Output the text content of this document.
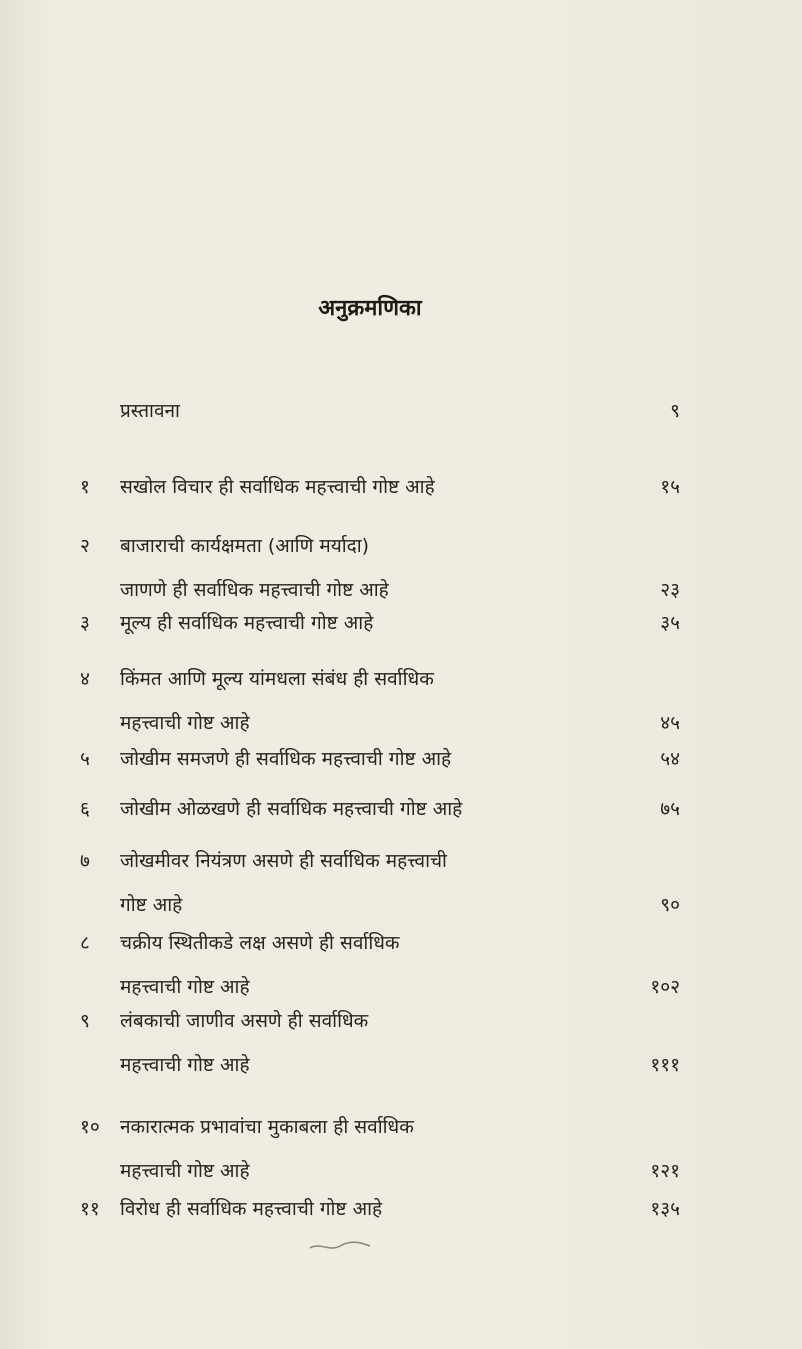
अनुक्रमणिका
प्रस्तावना	९
१ सखोल विचार ही सर्वाधिक महत्त्वाची गोष्ट आहे	१५
२ बाजाराची कार्यक्षमता (आणि मर्यादा)
जाणणे ही सर्वाधिक महत्त्वाची गोष्ट आहे	२३
३ मूल्य ही सर्वाधिक महत्त्वाची गोष्ट आहे	३५
४ किंमत आणि मूल्य यांमधला संबंध ही सर्वाधिक
महत्त्वाची गोष्ट आहे	४५
५ जोखीम समजणे ही सर्वाधिक महत्त्वाची गोष्ट आहे	५४
६ जोखीम ओळखणे ही सर्वाधिक महत्त्वाची गोष्ट आहे	७५
७ जोखमीवर नियंत्रण असणे ही सर्वाधिक महत्त्वाची
गोष्ट आहे	९०
८ चक्रीय स्थितीकडे लक्ष असणे ही सर्वाधिक
महत्त्वाची गोष्ट आहे	१०२
९ लंबकाची जाणीव असणे ही सर्वाधिक
महत्त्वाची गोष्ट आहे	१११
१० नकारात्मक प्रभावांचा मुकाबला ही सर्वाधिक
महत्त्वाची गोष्ट आहे	१२१
११ विरोध ही सर्वाधिक महत्त्वाची गोष्ट आहे	१३५
